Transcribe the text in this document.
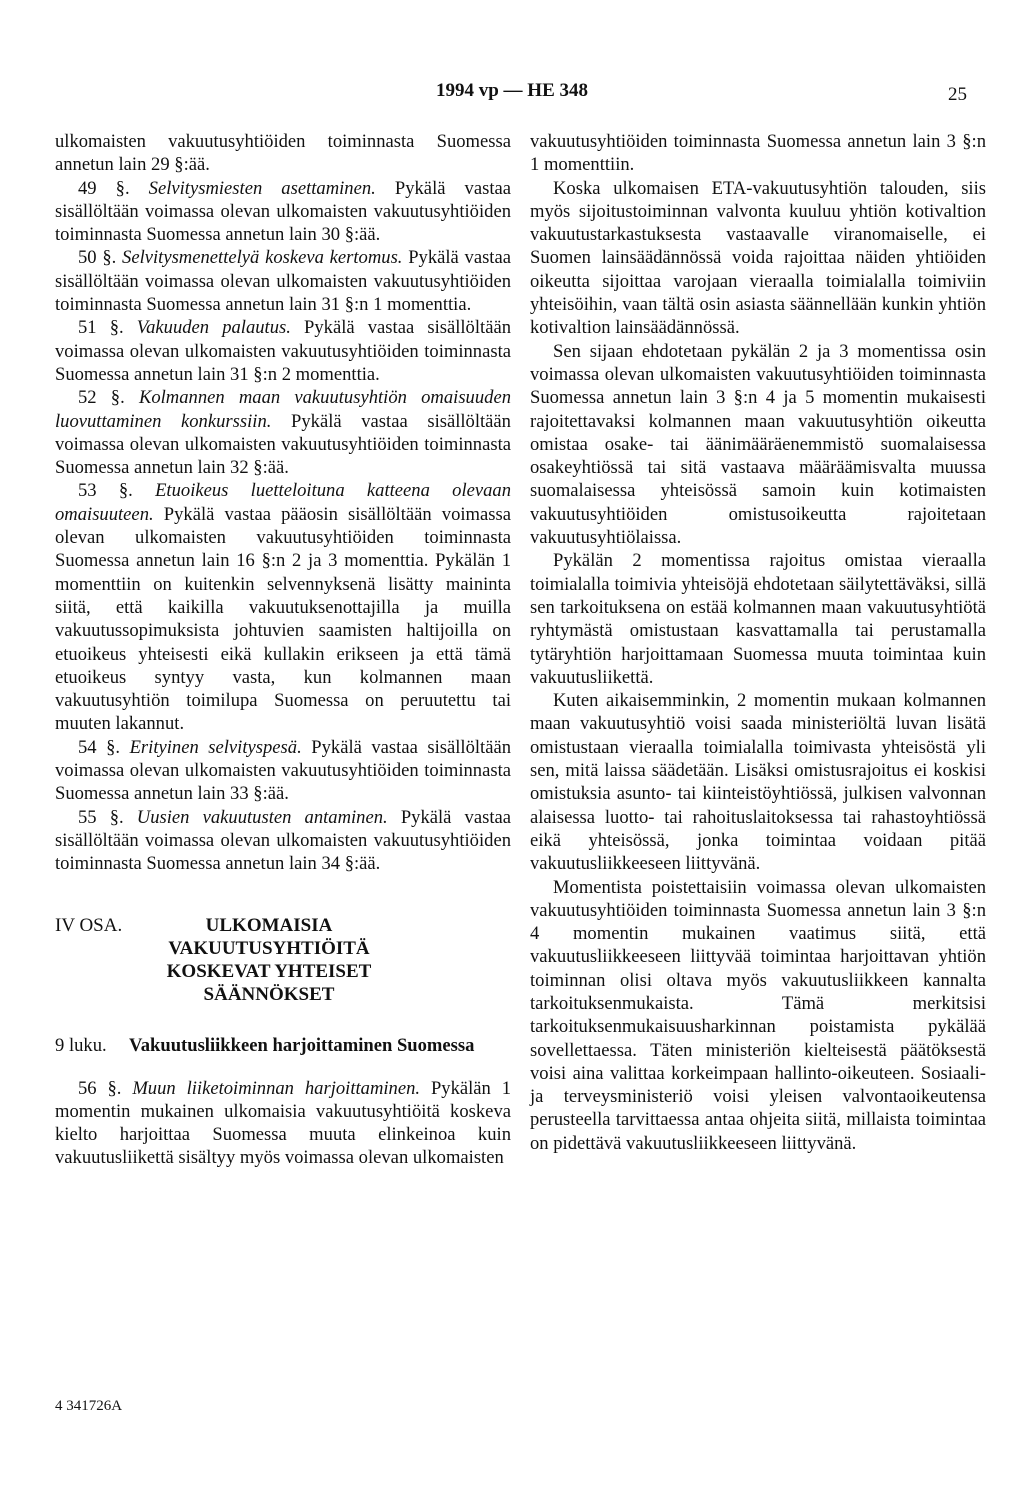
1994 vp — HE 348	25

ulkomaisten vakuutusyhtiöiden toiminnasta Suomessa annetun lain 29 §:ää.

49 §. Selvitysmiesten asettaminen. Pykälä vastaa sisällöltään voimassa olevan ulkomaisten vakuutusyhtiöiden toiminnasta Suomessa annetun lain 30 §:ää.

50 §. Selvitysmenettelyä koskeva kertomus. Pykälä vastaa sisällöltään voimassa olevan ulkomaisten vakuutusyhtiöiden toiminnasta Suomessa annetun lain 31 §:n 1 momenttia.

51 §. Vakuuden palautus. Pykälä vastaa sisällöltään voimassa olevan ulkomaisten vakuutusyhtiöiden toiminnasta Suomessa annetun lain 31 §:n 2 momenttia.

52 §. Kolmannen maan vakuutusyhtiön omaisuuden luovuttaminen konkurssiin. Pykälä vastaa sisällöltään voimassa olevan ulkomaisten vakuutusyhtiöiden toiminnasta Suomessa annetun lain 32 §:ää.

53 §. Etuoikeus luetteloituna katteena olevaan omaisuuteen. Pykälä vastaa pääosin sisällöltään voimassa olevan ulkomaisten vakuutusyhtiöiden toiminnasta Suomessa annetun lain 16 §:n 2 ja 3 momenttia. Pykälän 1 momenttiin on kuitenkin selvennyksenä lisätty maininta siitä, että kaikilla vakuutuksenottajilla ja muilla vakuutussopimuksista johtuvien saamisten haltijoilla on etuoikeus yhteisesti eikä kullakin erikseen ja että tämä etuoikeus syntyy vasta, kun kolmannen maan vakuutusyhtiön toimilupa Suomessa on peruutettu tai muuten lakannut.

54 §. Erityinen selvityspesä. Pykälä vastaa sisällöltään voimassa olevan ulkomaisten vakuutusyhtiöiden toiminnasta Suomessa annetun lain 33 §:ää.

55 §. Uusien vakuutusten antaminen. Pykälä vastaa sisällöltään voimassa olevan ulkomaisten vakuutusyhtiöiden toiminnasta Suomessa annetun lain 34 §:ää.

IV OSA.	ULKOMAISIA VAKUUTUSYHTIÖITÄ KOSKEVAT YHTEISET SÄÄNNÖKSET
9 luku.	Vakuutusliikkeen harjoittaminen Suomessa

56 §. Muun liiketoiminnan harjoittaminen. Pykälän 1 momentin mukainen ulkomaisia vakuutusyhtiöitä koskeva kielto harjoittaa Suomessa muuta elinkeinoa kuin vakuutusliikettä sisältyy myös voimassa olevan ulkomaisten

vakuutusyhtiöiden toiminnasta Suomessa annetun lain 3 §:n 1 momenttiin.

Koska ulkomaisen ETA-vakuutusyhtiön talouden, siis myös sijoitustoiminnan valvonta kuuluu yhtiön kotivaltion vakuutustarkastuksesta vastaavalle viranomaiselle, ei Suomen lainsäädännössä voida rajoittaa näiden yhtiöiden oikeutta sijoittaa varojaan vieraalla toimialalla toimiviin yhteisöihin, vaan tältä osin asiasta säännellään kunkin yhtiön kotivaltion lainsäädännössä.

Sen sijaan ehdotetaan pykälän 2 ja 3 momentissa osin voimassa olevan ulkomaisten vakuutusyhtiöiden toiminnasta Suomessa annetun lain 3 §:n 4 ja 5 momentin mukaisesti rajoitettavaksi kolmannen maan vakuutusyhtiön oikeutta omistaa osake- tai äänimääräenemmistö suomalaisessa osakeyhtiössä tai sitä vastaava määräämisvalta muussa suomalaisessa yhteisössä samoin kuin kotimaisten vakuutusyhtiöiden omistusoikeutta rajoitetaan vakuutusyhtiölaissa.

Pykälän 2 momentissa rajoitus omistaa vieraalla toimialalla toimivia yhteisöjä ehdotetaan säilytettäväksi, sillä sen tarkoituksena on estää kolmannen maan vakuutusyhtiötä ryhtymästä omistustaan kasvattamalla tai perustamalla tytäryhtiön harjoittamaan Suomessa muuta toimintaa kuin vakuutusliikettä.

Kuten aikaisemminkin, 2 momentin mukaan kolmannen maan vakuutusyhtiö voisi saada ministeriöltä luvan lisätä omistustaan vieraalla toimialalla toimivasta yhteisöstä yli sen, mitä laissa säädetään. Lisäksi omistusrajoitus ei koskisi omistuksia asunto- tai kiinteistöyhtiössä, julkisen valvonnan alaisessa luotto- tai rahoituslaitoksessa tai rahastoyhtiössä eikä yhteisössä, jonka toimintaa voidaan pitää vakuutusliikkeeseen liittyvänä.

Momentista poistettaisiin voimassa olevan ulkomaisten vakuutusyhtiöiden toiminnasta Suomessa annetun lain 3 §:n 4 momentin mukainen vaatimus siitä, että vakuutusliikkeeseen liittyvää toimintaa harjoittavan yhtiön toiminnan olisi oltava myös vakuutusliikkeen kannalta tarkoituksenmukaista. Tämä merkitsisi tarkoituksenmukaisuusharkinnan poistamista pykälää sovellettaessa. Täten ministeriön kielteisestä päätöksestä voisi aina valittaa korkeimpaan hallinto-oikeuteen. Sosiaali- ja terveysministeriö voisi yleisen valvontaoikeutensa perusteella tarvittaessa antaa ohjeita siitä, millaista toimintaa on pidettävä vakuutusliikkeeseen liittyvänä.

4 341726A
